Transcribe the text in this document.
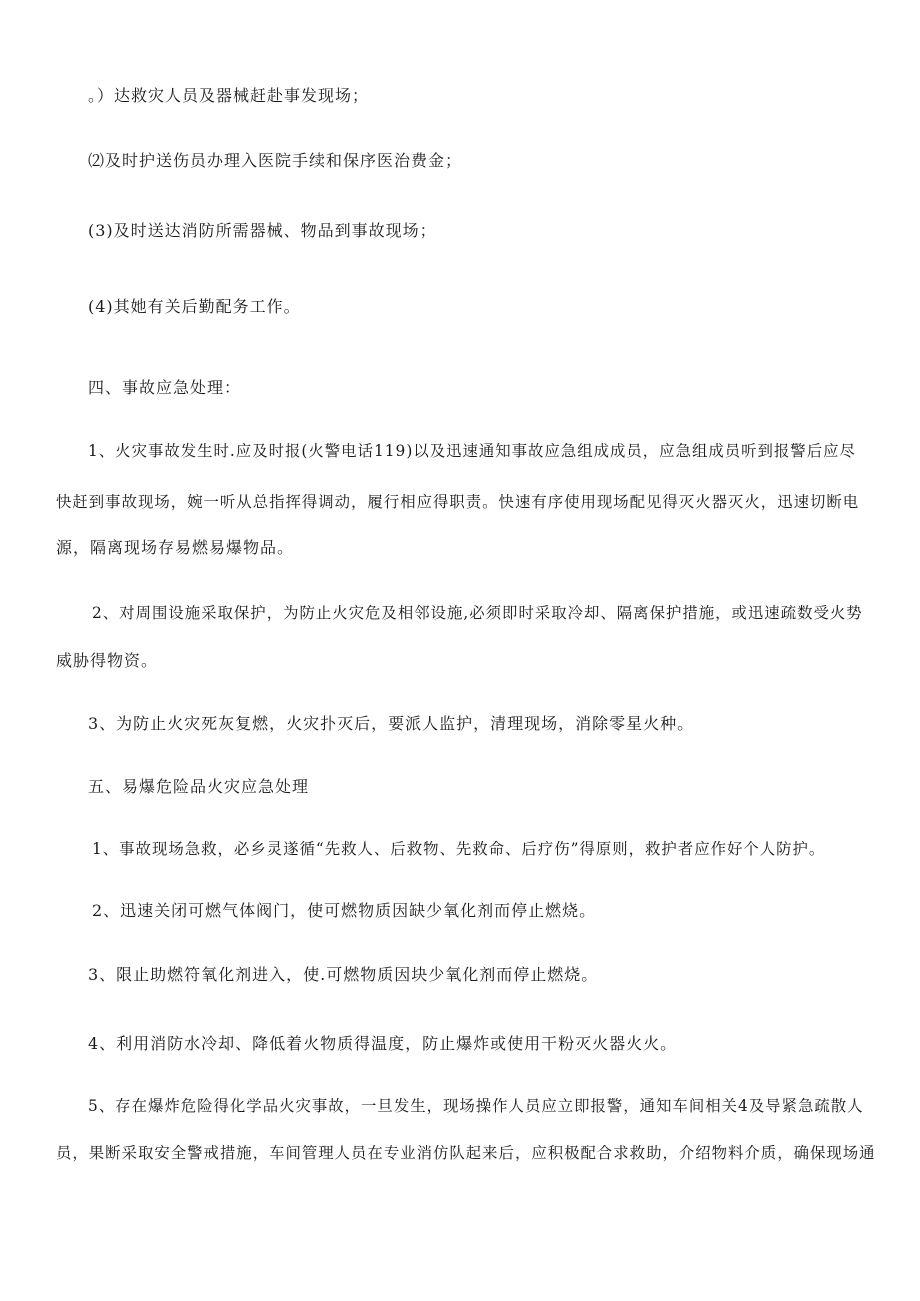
。）达救灾人员及器械赶赴事发现场；
⑵及时护送伤员办理入医院手续和保序医治费金；
(3)及时送达消防所需器械、物品到事故现场；
(4)其她有关后勤配务工作。
四、事故应急处理：
1、火灾事故发生时.应及时报(火警电话119)以及迅速通知事故应急组成成员，应急组成员听到报警后应尽
快赶到事故现场，婉一听从总指挥得调动，履行相应得职责。快速有序使用现场配见得灭火器灭火，迅速切断电
源，隔离现场存易燃易爆物品。
2、对周围设施采取保护，为防止火灾危及相邻设施,必须即时采取冷却、隔离保护措施，或迅速疏数受火势
威胁得物资。
3、为防止火灾死灰复燃，火灾扑灭后，要派人监护，清理现场，消除零星火种。
五、易爆危险品火灾应急处理
1、事故现场急救，必乡灵遂循“先救人、后救物、先救命、后疗伤”得原则，救护者应作好个人防护。
2、迅速关闭可燃气体阀门，使可燃物质因缺少氧化剂而停止燃烧。
3、限止助燃符氧化剂进入，使.可燃物质因块少氧化剂而停止燃烧。
4、利用消防水冷却、降低着火物质得温度，防止爆炸或使用干粉灭火器火火。
5、存在爆炸危险得化学品火灾事故，一旦发生，现场操作人员应立即报警，通知车间相关4及导紧急疏散人
员，果断采取安全警戒措施，车间管理人员在专业消仿队起来后，应积极配合求救助，介绍物料介质，确保现场通
